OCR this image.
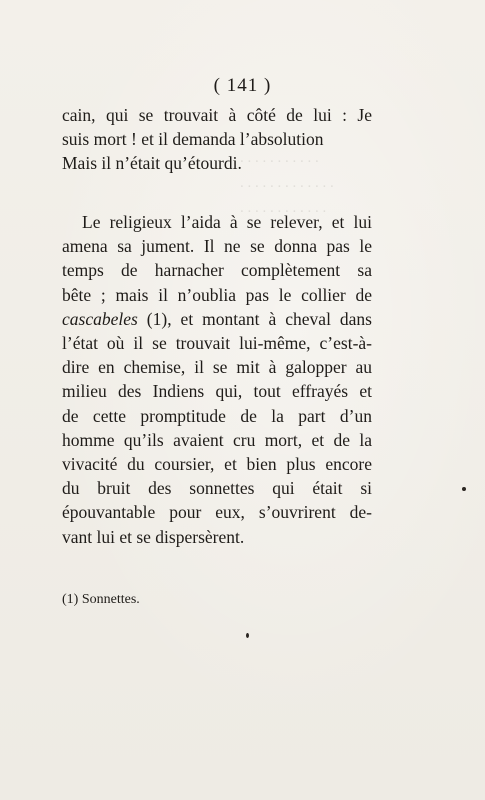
. . . . . . . . . . .
. . . . . . . . . . . . .
. . . . . . . . . . . .
( 141 )
cain, qui se trouvait à côté de lui : Je
suis mort ! et il demanda l’absolution
Mais il n’était qu’étourdi.
Le religieux l’aida à se relever, et lui
amena sa jument. Il ne se donna pas le
temps de harnacher complètement sa
bête ; mais il n’oublia pas le collier de
cascabeles (1), et montant à cheval dans
l’état où il se trouvait lui-même, c’est-à-
dire en chemise, il se mit à galopper au
milieu des Indiens qui, tout effrayés et
de cette promptitude de la part d’un
homme qu’ils avaient cru mort, et de la
vivacité du coursier, et bien plus encore
du bruit des sonnettes qui était si
épouvantable pour eux, s’ouvrirent de-
vant lui et se dispersèrent.
(1) Sonnettes.
